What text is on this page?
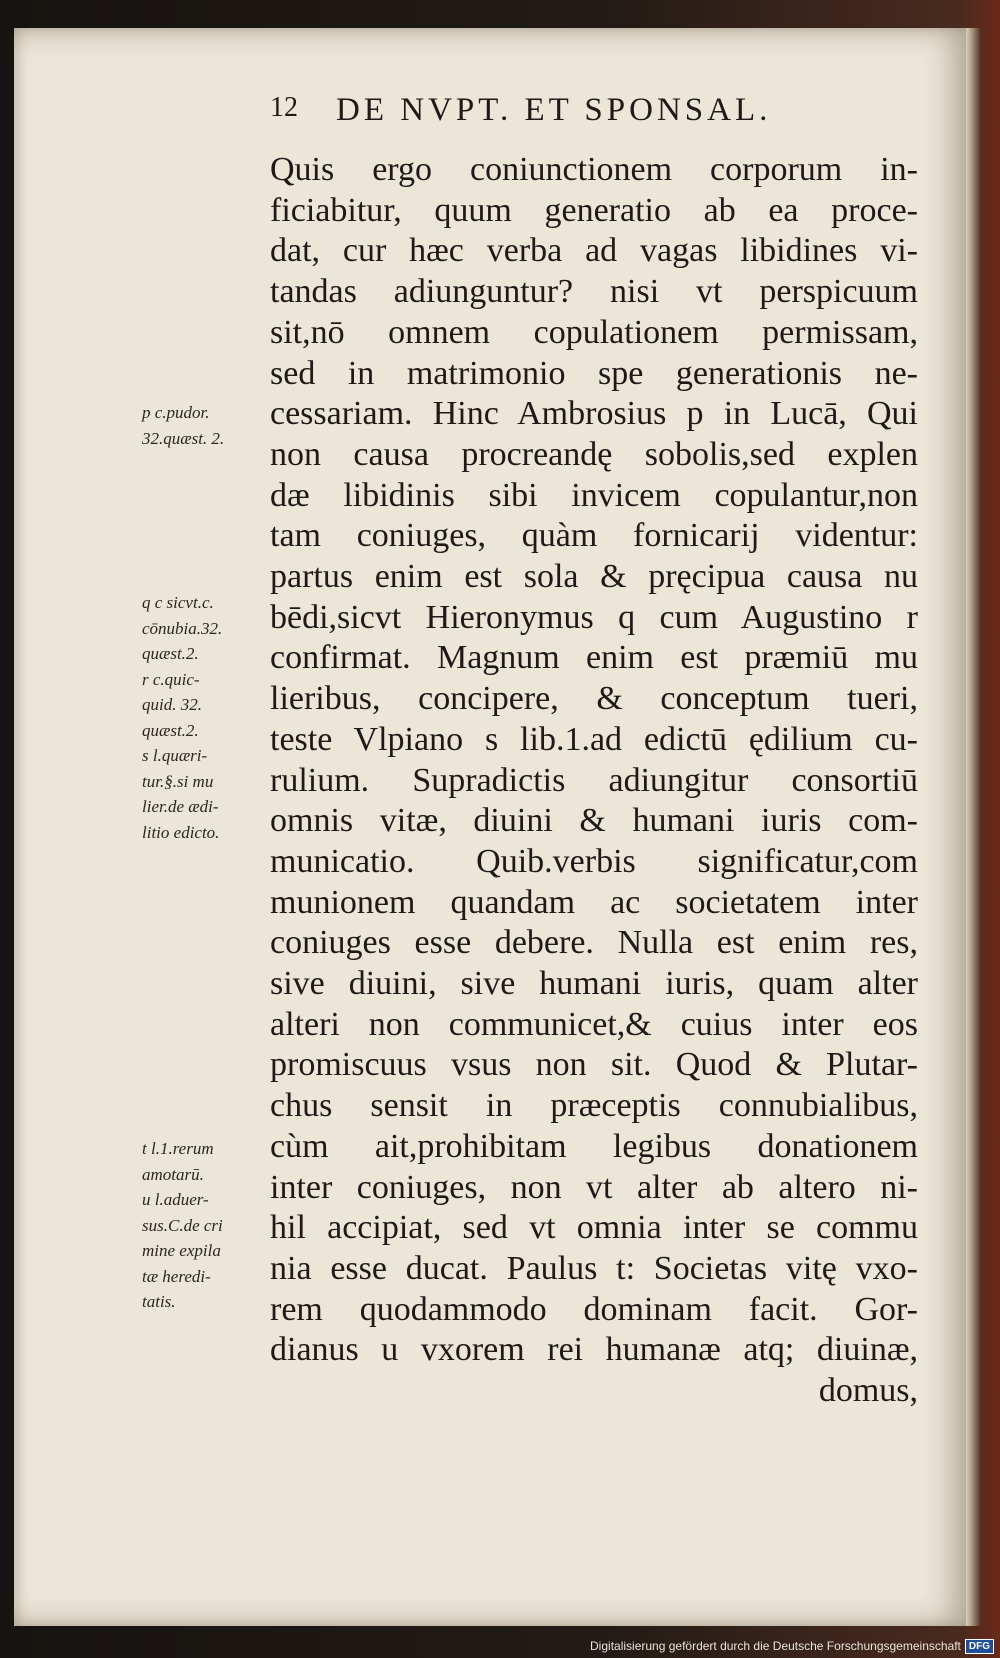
12 DE NVPT. ET SPONSAL.
Quis ergo coniunctionem corporum in-
ficiabitur, quum generatio ab ea proce-
dat, cur hæc verba ad vagas libidines vi-
tandas adiunguntur? nisi vt perspicuum
sit,nō omnem copulationem permissam,
sed in matrimonio spe generationis ne-
cessariam. Hinc Ambrosius p in Lucā, Qui
non causa procreandę sobolis,sed explen
dæ libidinis sibi invicem copulantur,non
tam coniuges, quàm fornicarij videntur:
partus enim est sola & pręcipua causa nu
bēdi,sicvt Hieronymus q cum Augustino r
confirmat. Magnum enim est præmiū mu
lieribus, concipere, & conceptum tueri,
teste Vlpiano s lib.1.ad edictū ędilium cu-
rulium. Supradictis adiungitur consortiū
omnis vitæ, diuini & humani iuris com-
municatio. Quib.verbis significatur,com
munionem quandam ac societatem inter
coniuges esse debere. Nulla est enim res,
sive diuini, sive humani iuris, quam alter
alteri non communicet,& cuius inter eos
promiscuus vsus non sit. Quod & Plutar-
chus sensit in præceptis connubialibus,
cùm ait,prohibitam legibus donationem
inter coniuges, non vt alter ab altero ni-
hil accipiat, sed vt omnia inter se commu
nia esse ducat. Paulus t: Societas vitę vxo-
rem quodammodo dominam facit. Gor-
dianus u vxorem rei humanæ atq; diuinæ,
domus,
p c.pudor.
32.quæst. 2.
q c sicvt.c.
cōnubia.32.
quæst.2.
r c.quic-
quid. 32.
quæst.2.
s l.quæri-
tur.§.si mu
lier.de ædi-
litio edicto.
t l.1.rerum
amotarū.
u l.aduer-
sus.C.de cri
mine expila
tæ heredi-
tatis.
Digitalisierung gefördert durch die Deutsche Forschungsgemeinschaft DFG
